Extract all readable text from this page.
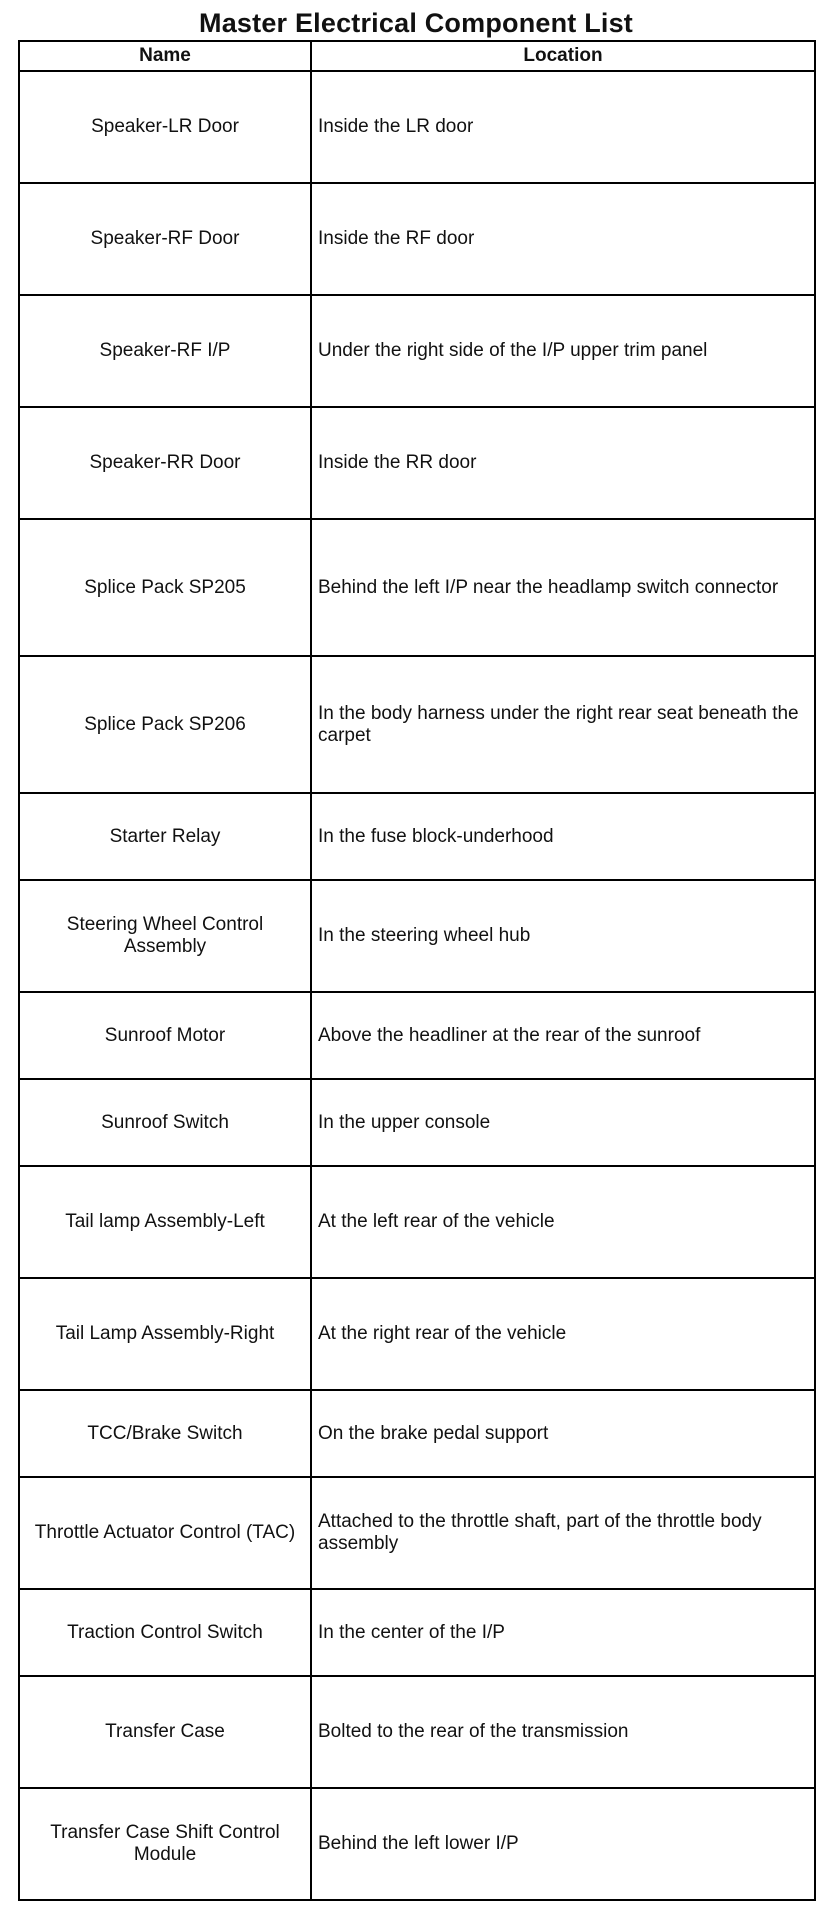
Master Electrical Component List
Name	Location
Speaker-LR Door	Inside the LR door
Speaker-RF Door	Inside the RF door
Speaker-RF I/P	Under the right side of the I/P upper trim panel
Speaker-RR Door	Inside the RR door
Splice Pack SP205	Behind the left I/P near the headlamp switch connector
Splice Pack SP206	In the body harness under the right rear seat beneath the carpet
Starter Relay	In the fuse block-underhood
Steering Wheel Control Assembly	In the steering wheel hub
Sunroof Motor	Above the headliner at the rear of the sunroof
Sunroof Switch	In the upper console
Tail lamp Assembly-Left	At the left rear of the vehicle
Tail Lamp Assembly-Right	At the right rear of the vehicle
TCC/Brake Switch	On the brake pedal support
Throttle Actuator Control (TAC)	Attached to the throttle shaft, part of the throttle body assembly
Traction Control Switch	In the center of the I/P
Transfer Case	Bolted to the rear of the transmission
Transfer Case Shift Control Module	Behind the left lower I/P
